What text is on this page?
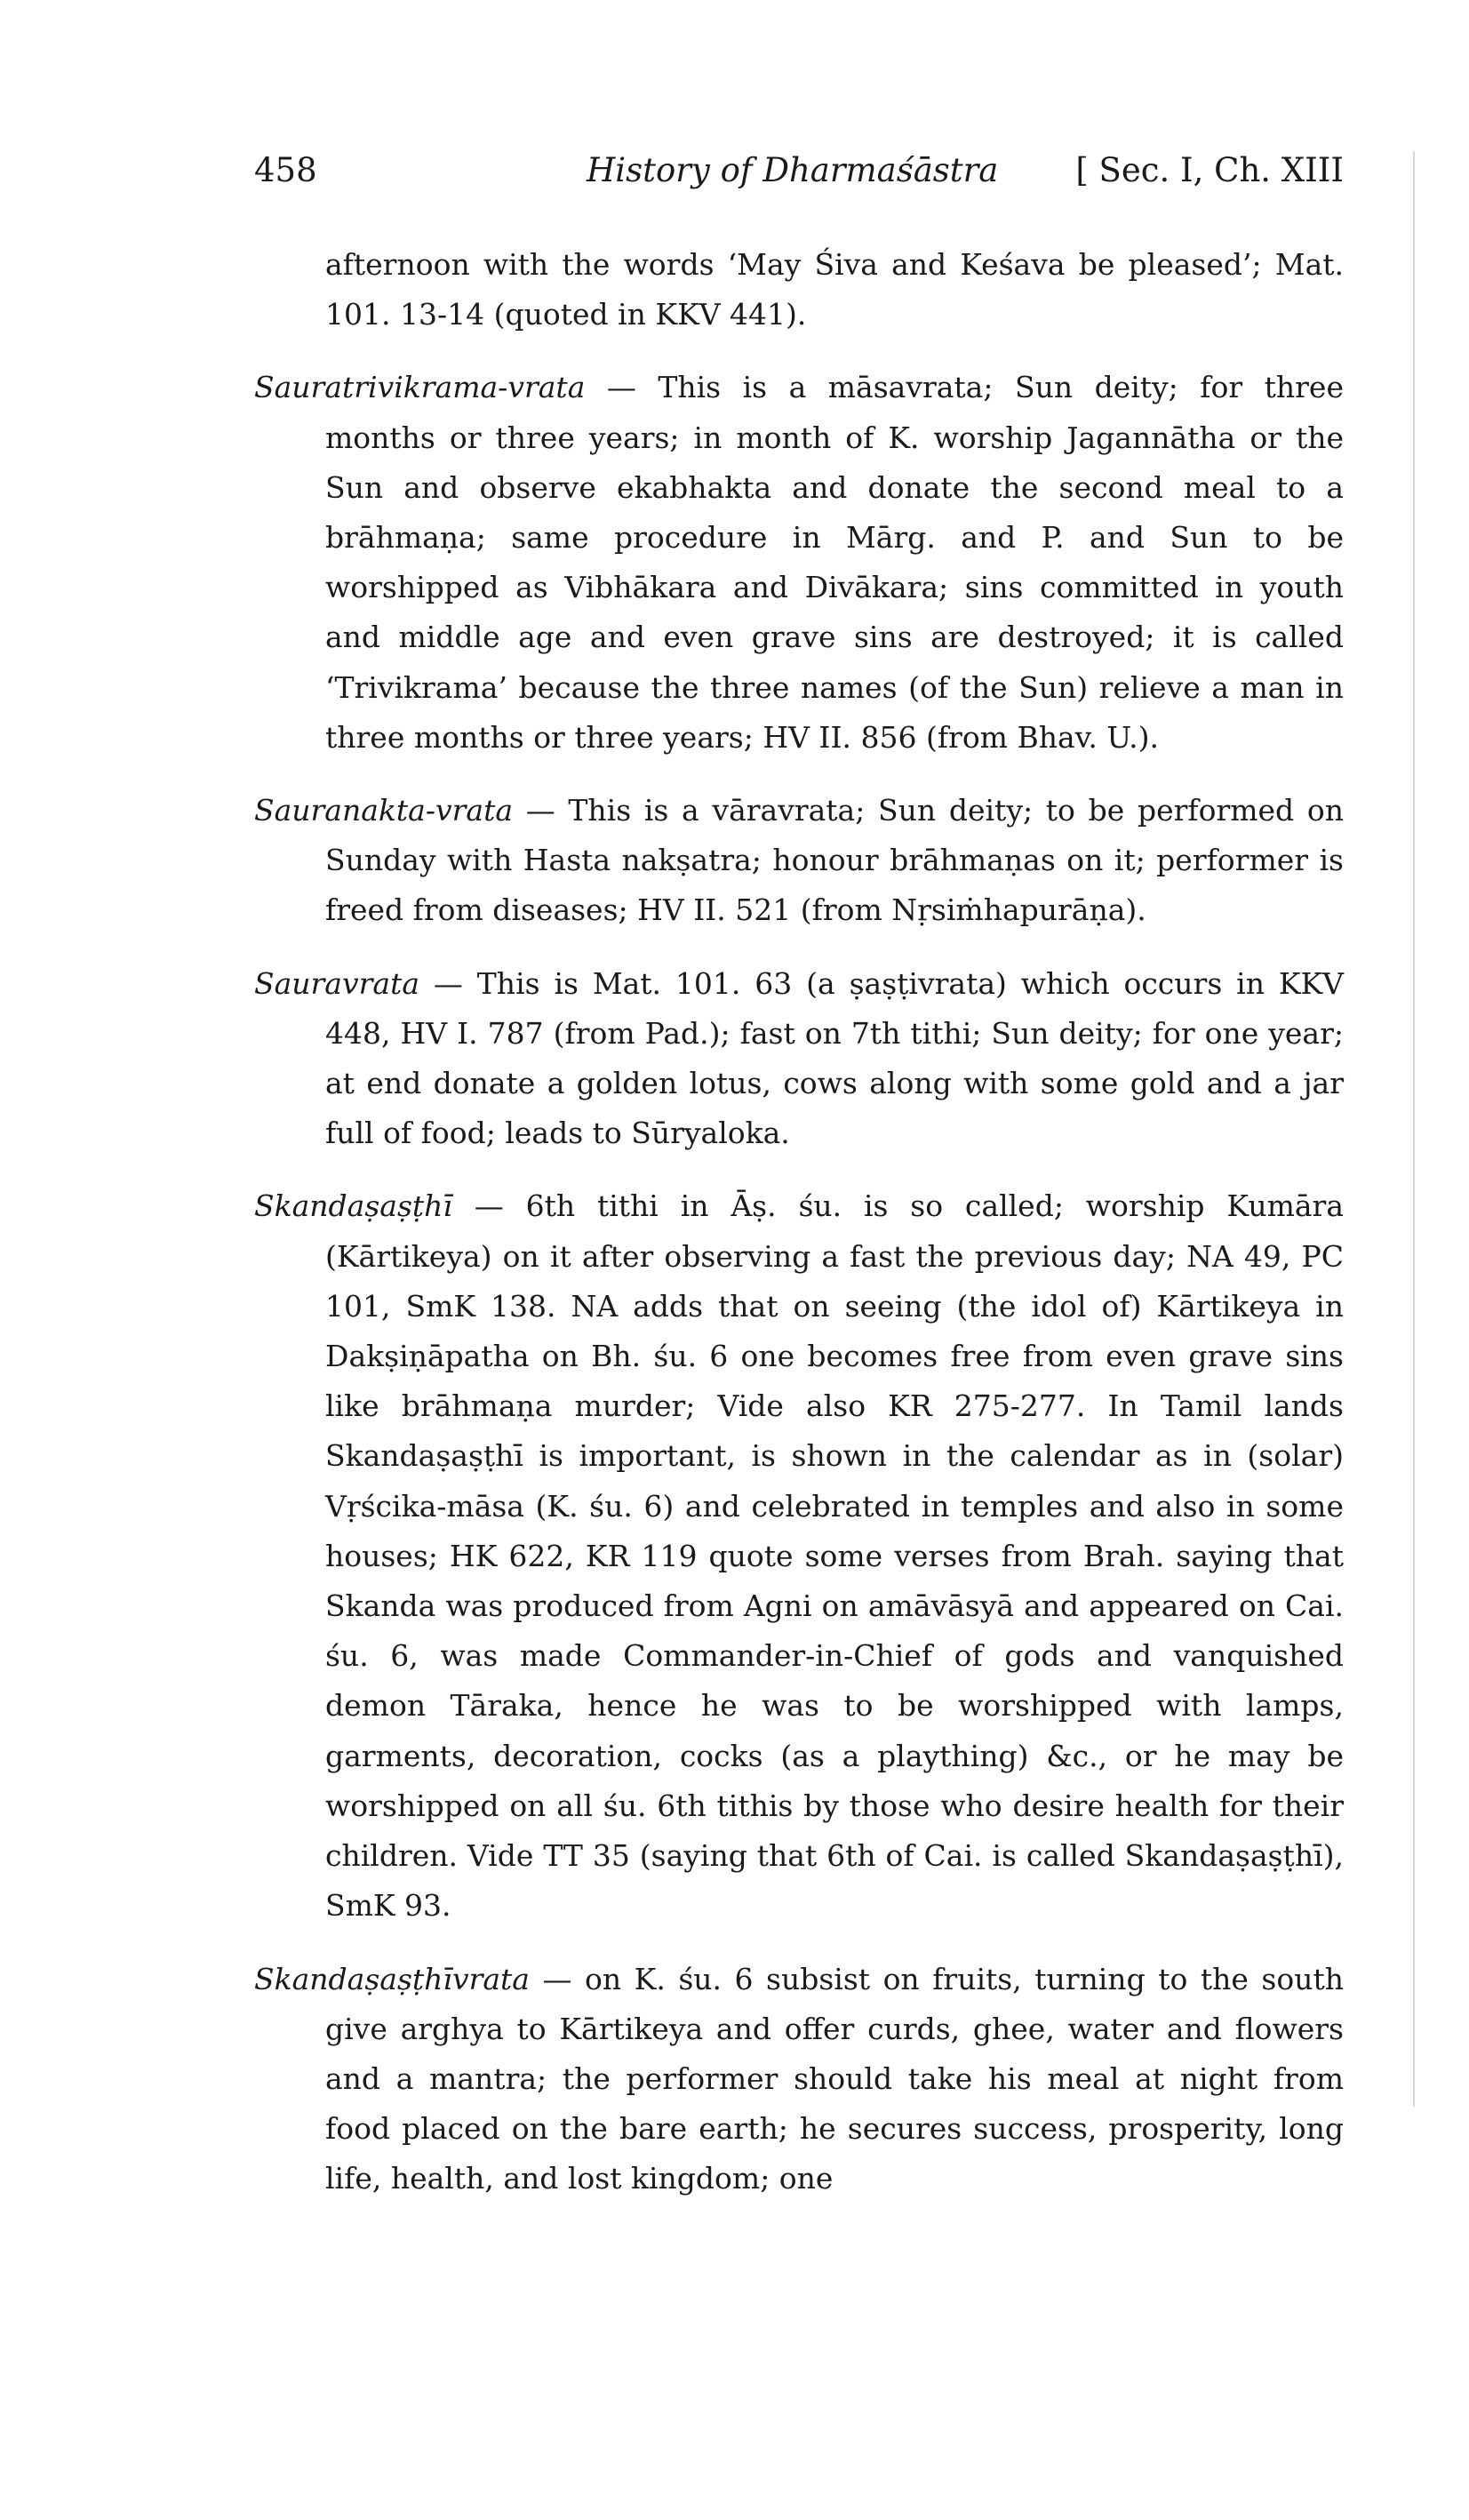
458	History of Dharmaśāstra [ Sec. I, Ch. XIII

afternoon with the words ‘May Śiva and Keśava be pleased’; Mat. 101. 13-14 (quoted in KKV 441).

Sauratrivikrama-vrata — This is a māsavrata; Sun deity; for three months or three years; in month of K. worship Jagannātha or the Sun and observe ekabhakta and donate the second meal to a brāhmaṇa; same procedure in Mārg. and P. and Sun to be worshipped as Vibhākara and Divākara; sins committed in youth and middle age and even grave sins are destroyed; it is called ‘Trivikrama’ because the three names (of the Sun) relieve a man in three months or three years; HV II. 856 (from Bhav. U.).

Sauranakta-vrata — This is a vāravrata; Sun deity; to be performed on Sunday with Hasta nakṣatra; honour brāhmaṇas on it; performer is freed from diseases; HV II. 521 (from Nṛsiṁhapurāṇa).

Sauravrata — This is Mat. 101. 63 (a ṣaṣṭivrata) which occurs in KKV 448, HV I. 787 (from Pad.); fast on 7th tithi; Sun deity; for one year; at end donate a golden lotus, cows along with some gold and a jar full of food; leads to Sūryaloka.

Skandaṣaṣṭhī — 6th tithi in Āṣ. śu. is so called; worship Kumāra (Kārtikeya) on it after observing a fast the previous day; NA 49, PC 101, SmK 138. NA adds that on seeing (the idol of) Kārtikeya in Dakṣiṇāpatha on Bh. śu. 6 one becomes free from even grave sins like brāhmaṇa murder; Vide also KR 275-277. In Tamil lands Skandaṣaṣṭhī is important, is shown in the calendar as in (solar) Vṛścika-māsa (K. śu. 6) and celebrated in temples and also in some houses; HK 622, KR 119 quote some verses from Brah. saying that Skanda was produced from Agni on amāvāsyā and appeared on Cai. śu. 6, was made Commander-in-Chief of gods and vanquished demon Tāraka, hence he was to be worshipped with lamps, garments, decoration, cocks (as a plaything) &c., or he may be worshipped on all śu. 6th tithis by those who desire health for their children. Vide TT 35 (saying that 6th of Cai. is called Skandaṣaṣṭhī), SmK 93.

Skandaṣaṣṭhīvrata — on K. śu. 6 subsist on fruits, turning to the south give arghya to Kārtikeya and offer curds, ghee, water and flowers and a mantra; the performer should take his meal at night from food placed on the bare earth; he secures success, prosperity, long life, health, and lost kingdom; one
